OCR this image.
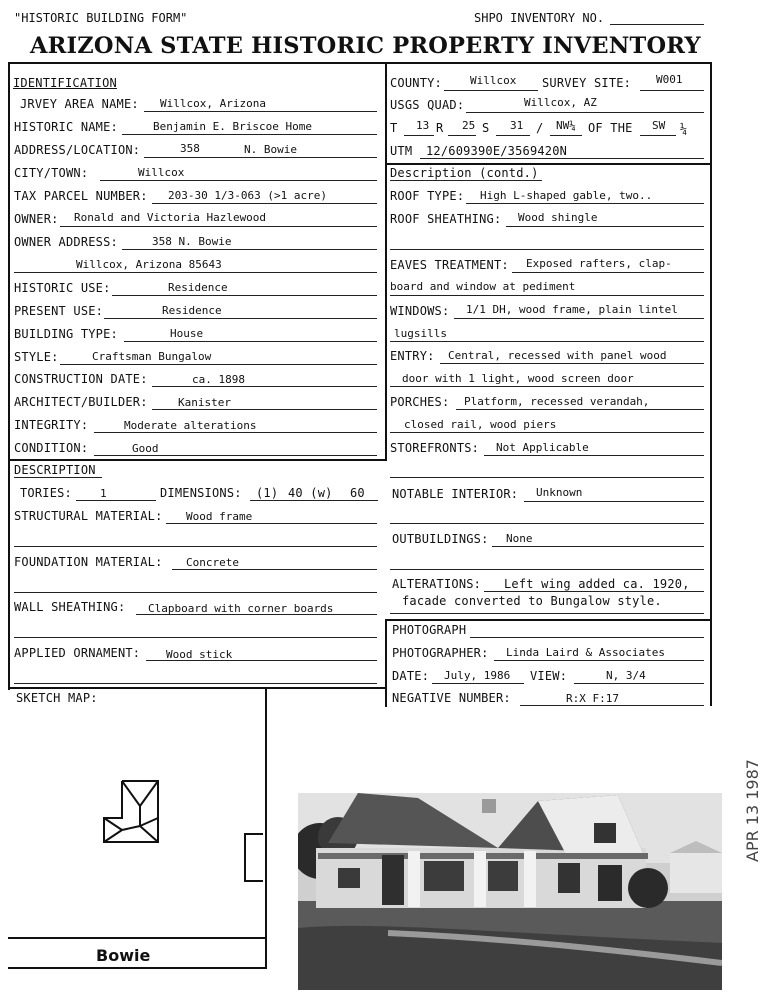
"HISTORIC BUILDING FORM"	SHPO INVENTORY NO.
ARIZONA STATE HISTORIC PROPERTY INVENTORY
IDENTIFICATION
JRVEY AREA NAME: Willcox, Arizona
HISTORIC NAME:	Benjamin E. Briscoe Home
ADDRESS/LOCATION:	358	N. Bowie
CITY/TOWN:	Willcox
TAX PARCEL NUMBER: 203-30 1/3-063 (>1 acre)
OWNER: Ronald and Victoria Hazlewood
OWNER ADDRESS:	358 N. Bowie
Willcox, Arizona 85643
HISTORIC USE:	Residence
PRESENT USE:	Residence
BUILDING TYPE:	House
STYLE:	Craftsman Bungalow
CONSTRUCTION DATE:	ca. 1898
ARCHITECT/BUILDER:	Kanister
INTEGRITY:	Moderate alterations
CONDITION:	Good
COUNTY:	Willcox SURVEY SITE: W001
USGS QUAD:	Willcox, AZ
T 13 R 25 S 31 / NW¼ OF THE SW ¼
UTM 12/609390E/3569420N
Description (contd.)
ROOF TYPE: High L-shaped gable, two..
ROOF SHEATHING: Wood shingle
EAVES TREATMENT: Exposed rafters, clap-
board and window at pediment
WINDOWS: 1/1 DH, wood frame, plain lintel
lugsills
ENTRY: Central, recessed with panel wood
door with 1 light, wood screen door
PORCHES: Platform, recessed verandah,
closed rail, wood piers
STOREFRONTS: Not Applicable
NOTABLE INTERIOR: Unknown
OUTBUILDINGS: None
ALTERATIONS: Left wing added ca. 1920,
facade converted to Bungalow style.
DESCRIPTION
TORIES:	1	DIMENSIONS: (1) 40 (w) 60
STRUCTURAL MATERIAL: Wood frame
FOUNDATION MATERIAL: Concrete
WALL SHEATHING: Clapboard with corner boards
APPLIED ORNAMENT: Wood stick
PHOTOGRAPH
PHOTOGRAPHER: Linda Laird & Associates
DATE: July, 1986 VIEW:	N, 3/4
NEGATIVE NUMBER:	R:X F:17
SKETCH MAP:
Bowie
APR 13 1987
